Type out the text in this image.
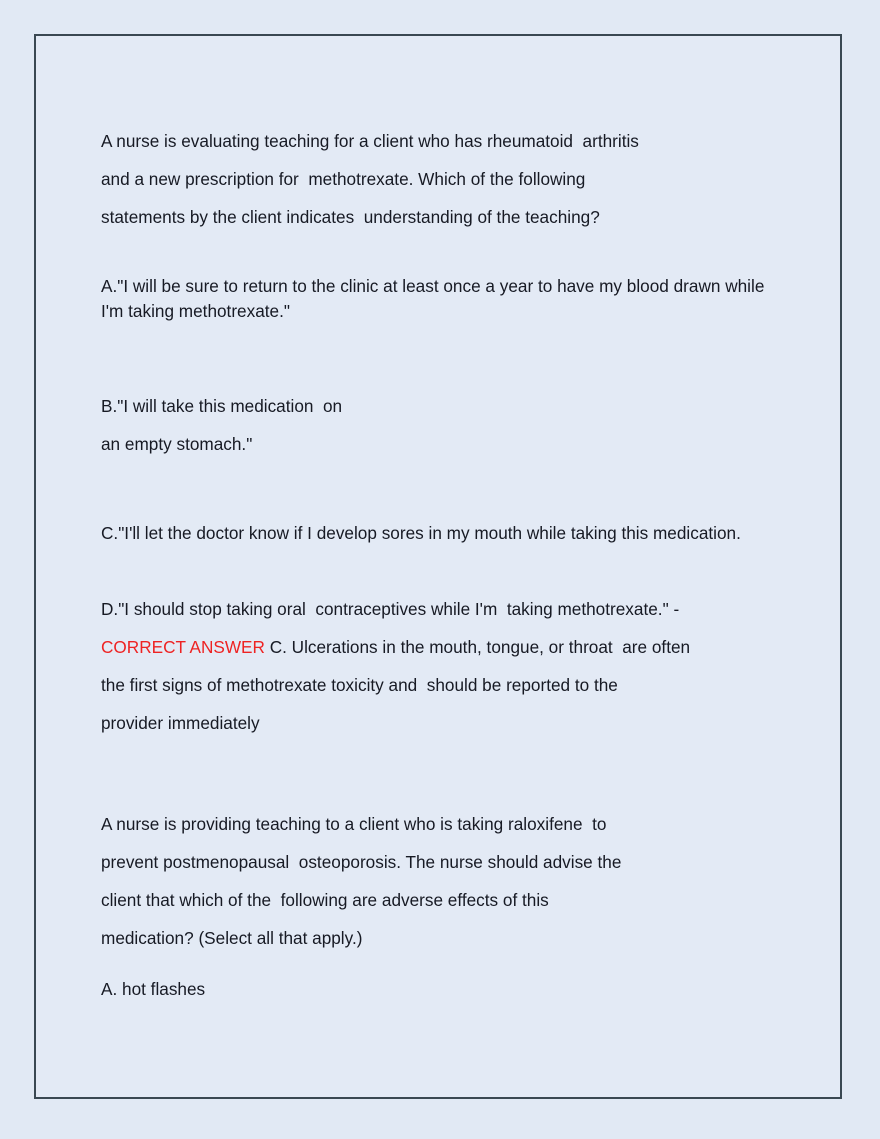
A nurse is evaluating teaching for a client who has rheumatoid  arthritis
and a new prescription for  methotrexate. Which of the following
statements by the client indicates  understanding of the teaching?
A."I will be sure to return to the clinic at least once a year to have my blood drawn while I'm taking methotrexate."
B."I will take this medication  on
an empty stomach."
C."I'll let the doctor know if I develop sores in my mouth while taking this medication.
D."I should stop taking oral  contraceptives while I'm  taking methotrexate." -
CORRECT ANSWER C. Ulcerations in the mouth, tongue, or throat  are often
the first signs of methotrexate toxicity and  should be reported to the
provider immediately
A nurse is providing teaching to a client who is taking raloxifene  to
prevent postmenopausal  osteoporosis. The nurse should advise the
client that which of the  following are adverse effects of this
medication? (Select all that apply.)
A. hot flashes
